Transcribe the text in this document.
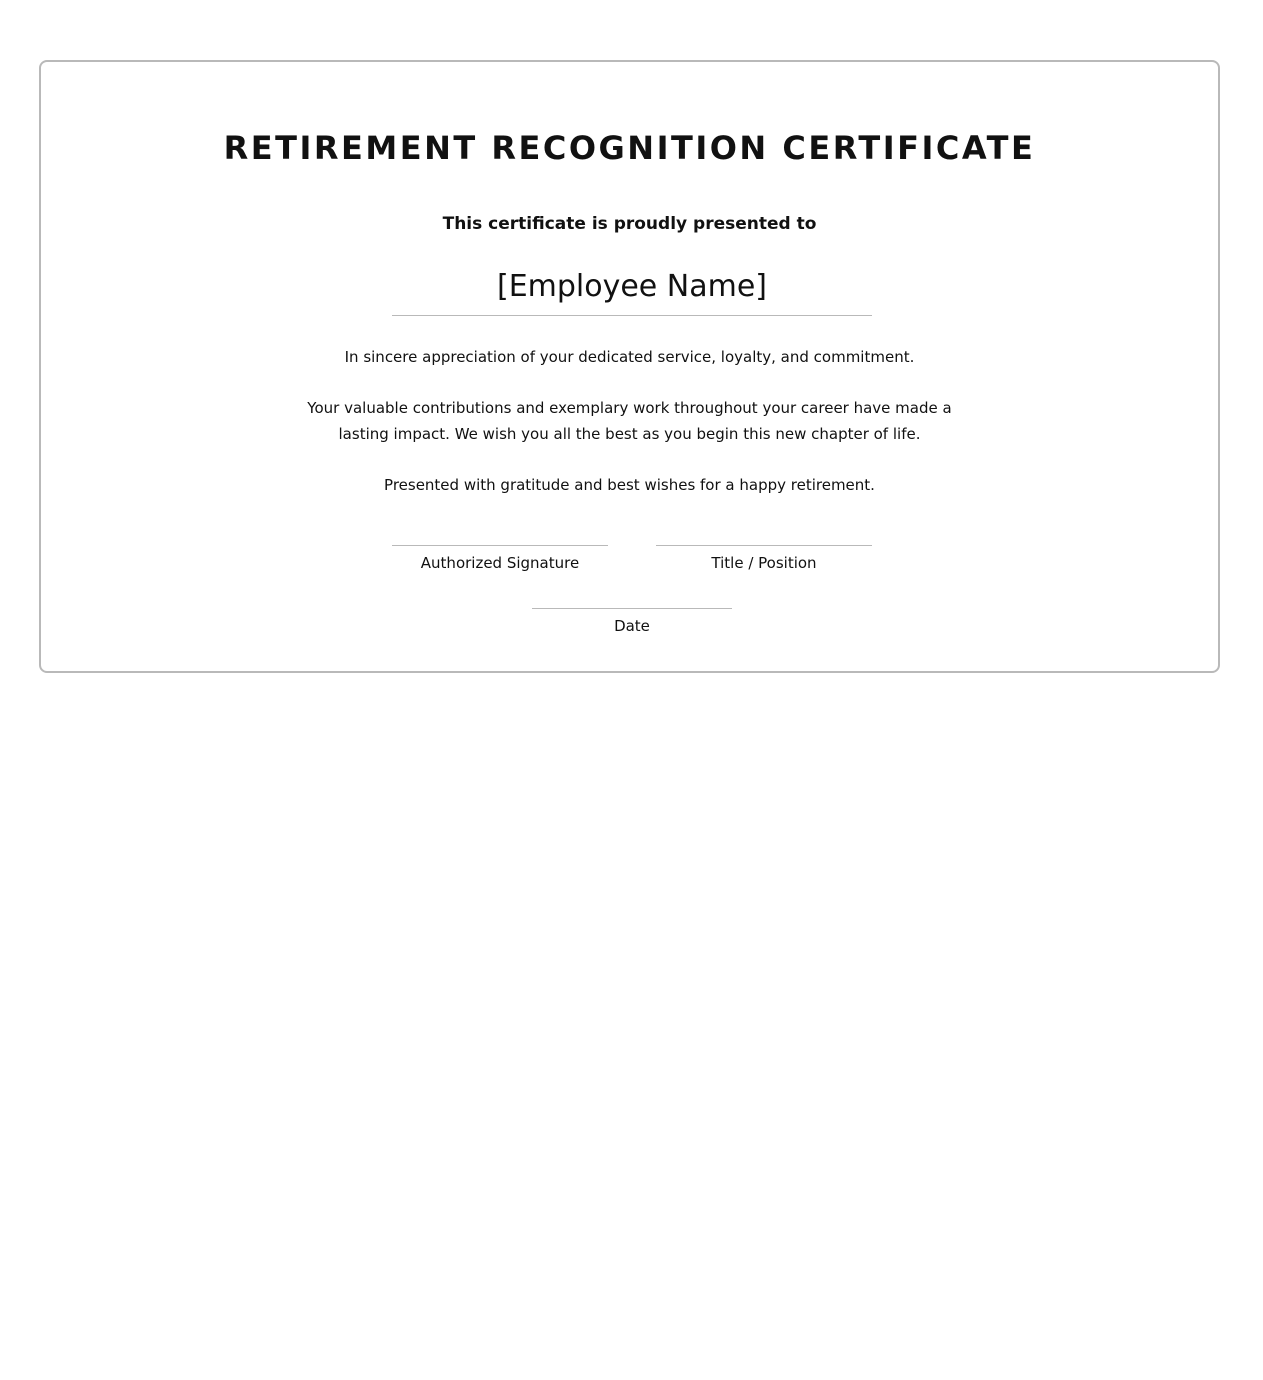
RETIREMENT RECOGNITION CERTIFICATE
This certificate is proudly presented to
[Employee Name]
In sincere appreciation of your dedicated service, loyalty, and commitment.
Your valuable contributions and exemplary work throughout your career have made a lasting impact. We wish you all the best as you begin this new chapter of life.
Presented with gratitude and best wishes for a happy retirement.
Authorized Signature	Title / Position
Date
